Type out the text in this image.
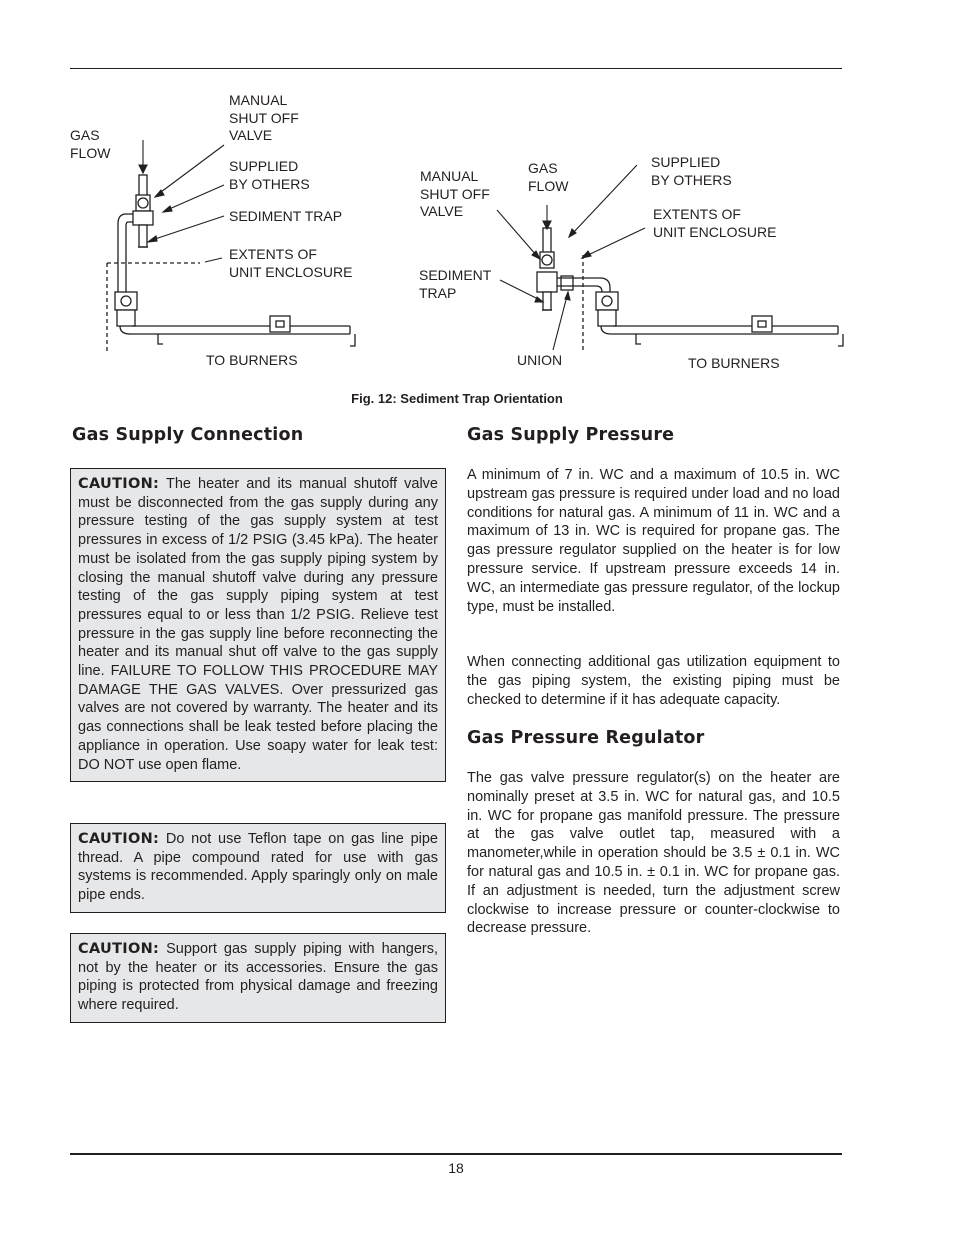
GAS
FLOW
MANUAL
SHUT OFF
VALVE
SUPPLIED
BY OTHERS
SEDIMENT TRAP
EXTENTS OF
UNIT ENCLOSURE
TO BURNERS
MANUAL
SHUT OFF
VALVE
GAS
FLOW
SUPPLIED
BY OTHERS
EXTENTS OF
UNIT ENCLOSURE
SEDIMENT
TRAP
UNION	TO BURNERS
Fig. 12: Sediment Trap Orientation
Gas Supply Connection
CAUTION: The heater and its manual shutoff valve must be disconnected from the gas supply during any pressure testing of the gas supply system at test pressures in excess of 1/2 PSIG (3.45 kPa). The heater must be isolated from the gas supply piping system by closing the manual shutoff valve during any pressure testing of the gas supply piping system at test pressures equal to or less than 1/2 PSIG. Relieve test pressure in the gas supply line before reconnecting the heater and its manual shut off valve to the gas supply line. FAILURE TO FOLLOW THIS PROCEDURE MAY DAMAGE THE GAS VALVES. Over pressurized gas valves are not covered by warranty. The heater and its gas connections shall be leak tested before placing the appliance in operation. Use soapy water for leak test: DO NOT use open flame.
CAUTION: Do not use Teflon tape on gas line pipe thread. A pipe compound rated for use with gas systems is recommended. Apply sparingly only on male pipe ends.
CAUTION: Support gas supply piping with hangers, not by the heater or its accessories. Ensure the gas piping is protected from physical damage and freezing where required.
Gas Supply Pressure

A minimum of 7 in. WC and a maximum of 10.5 in. WC upstream gas pressure is required under load and no load conditions for natural gas. A minimum of 11 in. WC and a maximum of 13 in. WC is required for propane gas. The gas pressure regulator supplied on the heater is for low pressure service. If upstream pressure exceeds 14 in. WC, an intermediate gas pressure regulator, of the lockup type, must be installed.

When connecting additional gas utilization equipment to the gas piping system, the existing piping must be checked to determine if it has adequate capacity.

Gas Pressure Regulator

The gas valve pressure regulator(s) on the heater are nominally preset at 3.5 in. WC for natural gas, and 10.5 in. WC for propane gas manifold pressure. The pressure at the gas valve outlet tap, measured with a manometer,while in operation should be 3.5 ± 0.1 in. WC for natural gas and 10.5 in. ± 0.1 in. WC for propane gas. If an adjustment is needed, turn the adjustment screw clockwise to increase pressure or counter-clockwise to decrease pressure.

18
